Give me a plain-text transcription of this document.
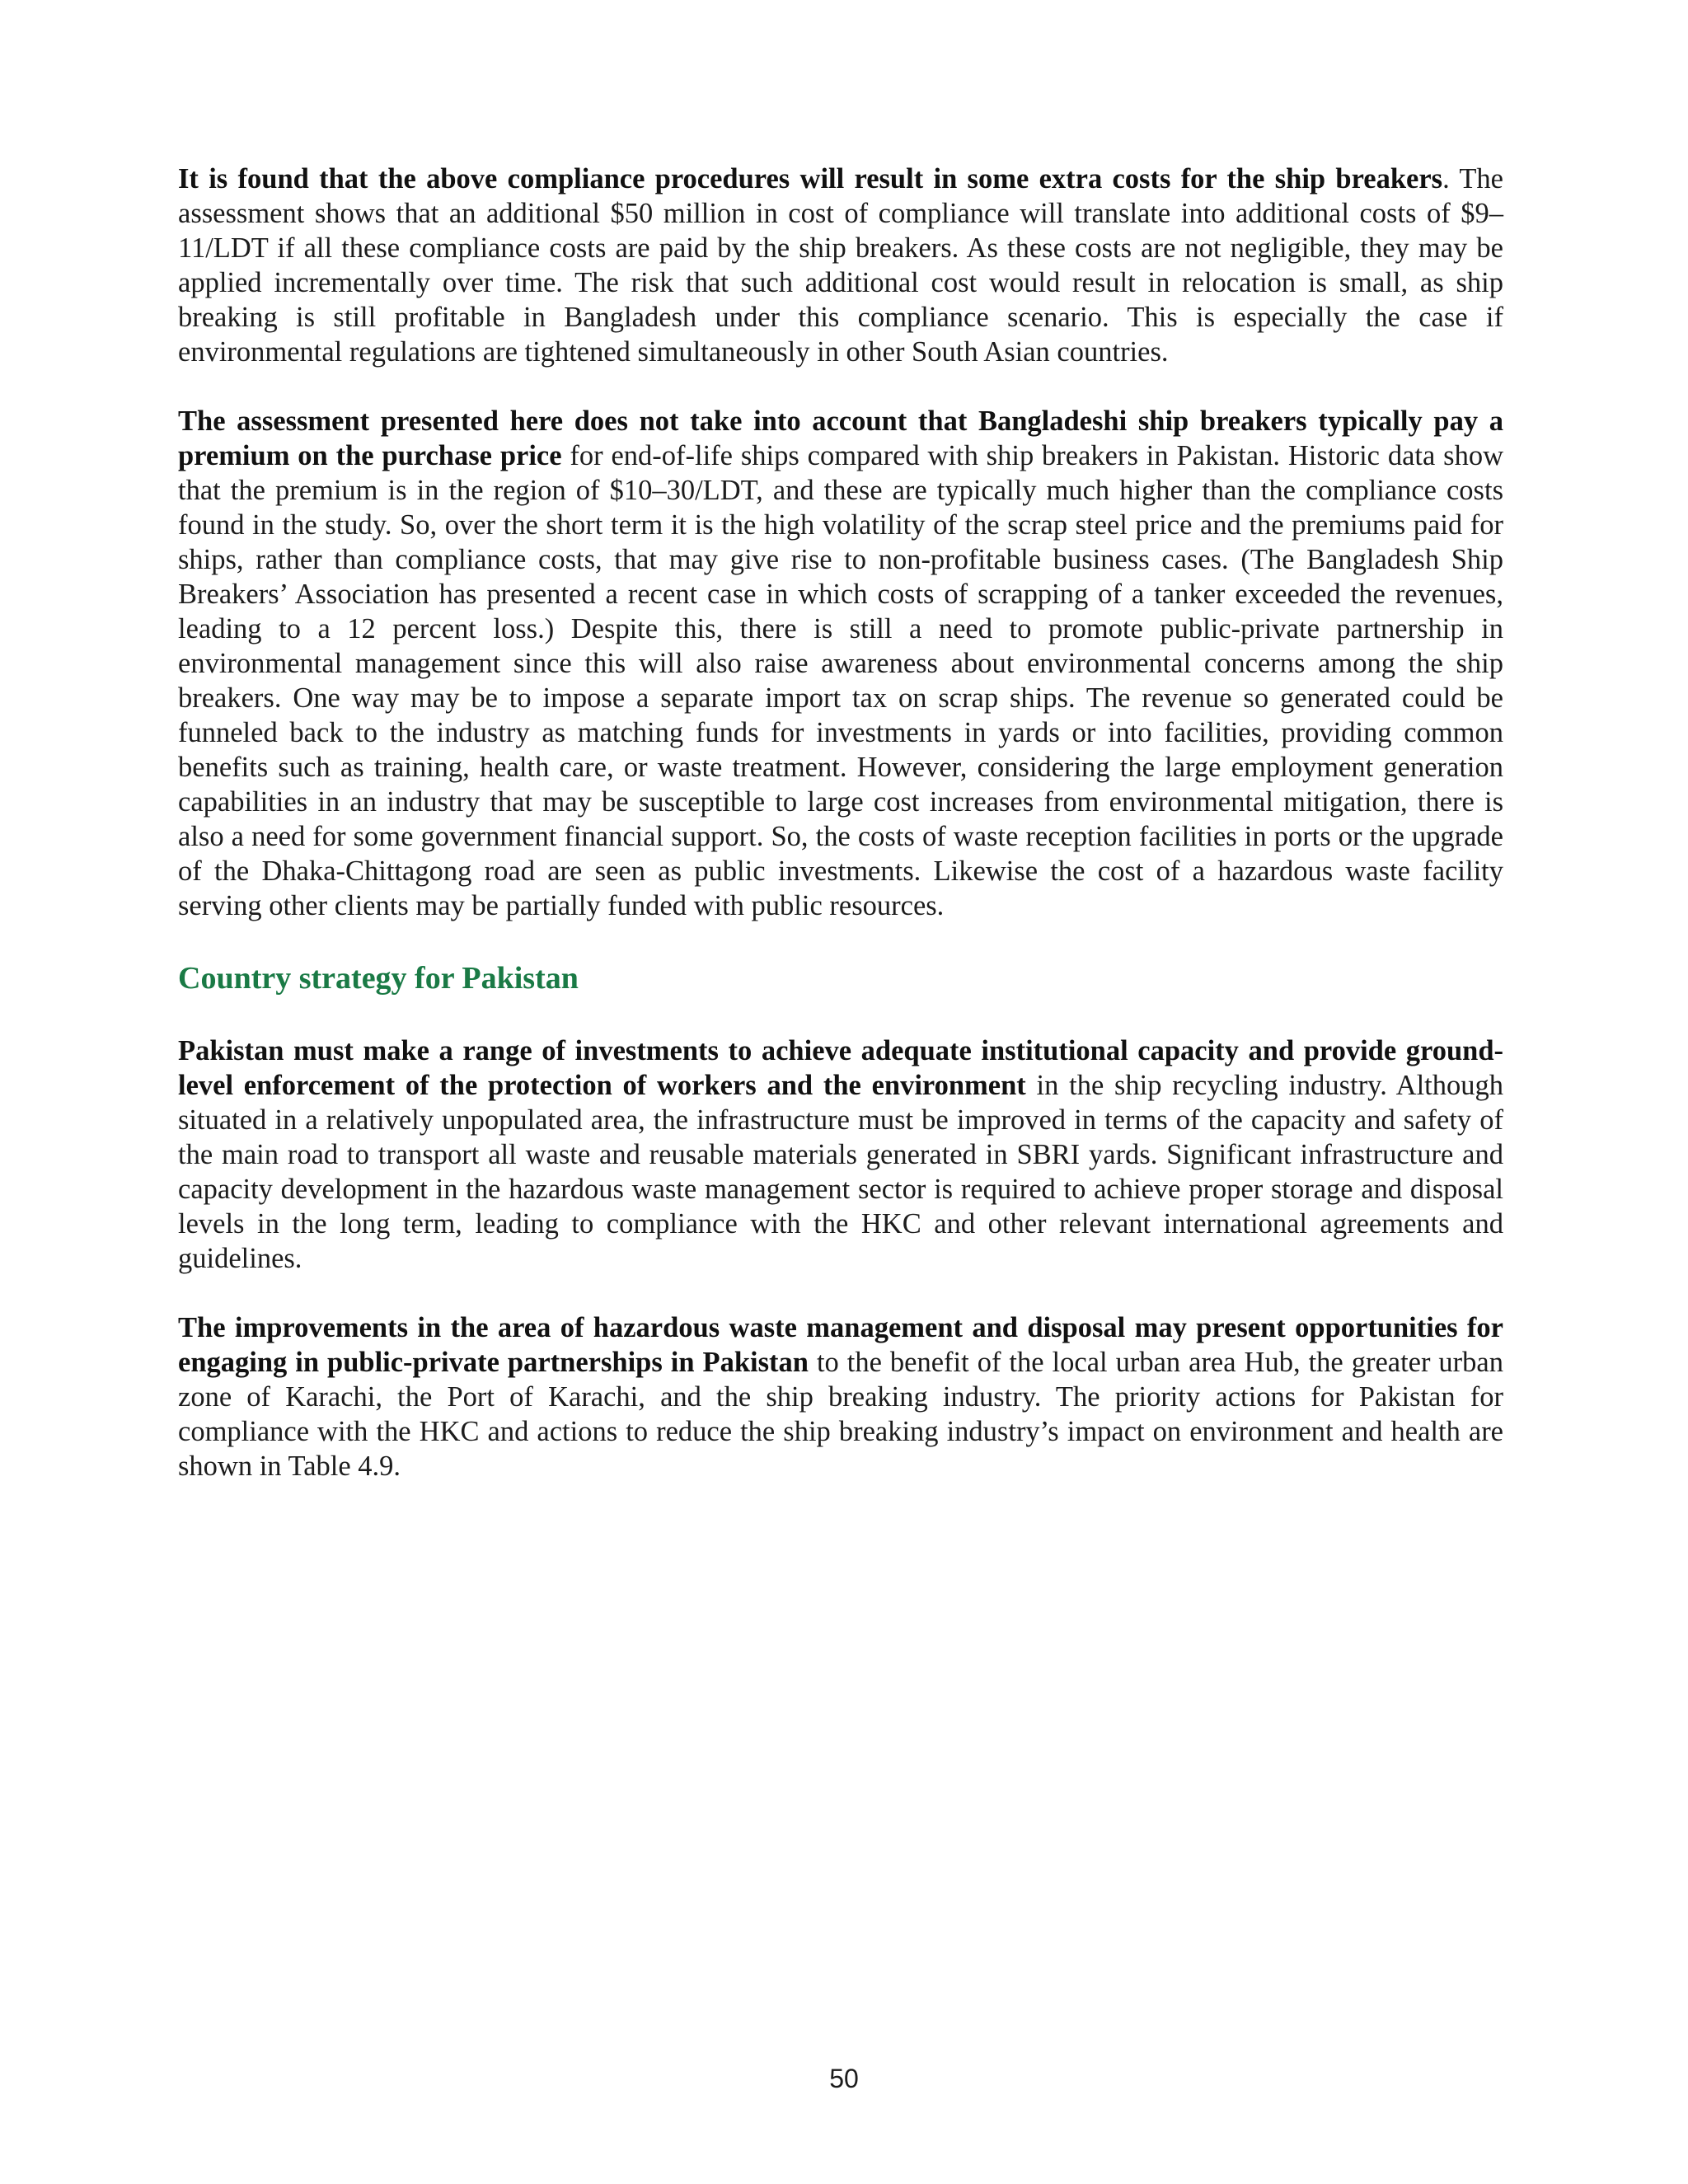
It is found that the above compliance procedures will result in some extra costs for the ship breakers. The assessment shows that an additional $50 million in cost of compliance will translate into additional costs of $9–11/LDT if all these compliance costs are paid by the ship breakers. As these costs are not negligible, they may be applied incrementally over time. The risk that such additional cost would result in relocation is small, as ship breaking is still profitable in Bangladesh under this compliance scenario. This is especially the case if environmental regulations are tightened simultaneously in other South Asian countries.

The assessment presented here does not take into account that Bangladeshi ship breakers typically pay a premium on the purchase price for end-of-life ships compared with ship breakers in Pakistan. Historic data show that the premium is in the region of $10–30/LDT, and these are typically much higher than the compliance costs found in the study. So, over the short term it is the high volatility of the scrap steel price and the premiums paid for ships, rather than compliance costs, that may give rise to non-profitable business cases. (The Bangladesh Ship Breakers’ Association has presented a recent case in which costs of scrapping of a tanker exceeded the revenues, leading to a 12 percent loss.) Despite this, there is still a need to promote public-private partnership in environmental management since this will also raise awareness about environmental concerns among the ship breakers. One way may be to impose a separate import tax on scrap ships. The revenue so generated could be funneled back to the industry as matching funds for investments in yards or into facilities, providing common benefits such as training, health care, or waste treatment. However, considering the large employment generation capabilities in an industry that may be susceptible to large cost increases from environmental mitigation, there is also a need for some government financial support. So, the costs of waste reception facilities in ports or the upgrade of the Dhaka-Chittagong road are seen as public investments. Likewise the cost of a hazardous waste facility serving other clients may be partially funded with public resources.

Country strategy for Pakistan

Pakistan must make a range of investments to achieve adequate institutional capacity and provide ground-level enforcement of the protection of workers and the environment in the ship recycling industry. Although situated in a relatively unpopulated area, the infrastructure must be improved in terms of the capacity and safety of the main road to transport all waste and reusable materials generated in SBRI yards. Significant infrastructure and capacity development in the hazardous waste management sector is required to achieve proper storage and disposal levels in the long term, leading to compliance with the HKC and other relevant international agreements and guidelines.

The improvements in the area of hazardous waste management and disposal may present opportunities for engaging in public-private partnerships in Pakistan to the benefit of the local urban area Hub, the greater urban zone of Karachi, the Port of Karachi, and the ship breaking industry. The priority actions for Pakistan for compliance with the HKC and actions to reduce the ship breaking industry’s impact on environment and health are shown in Table 4.9.

50
